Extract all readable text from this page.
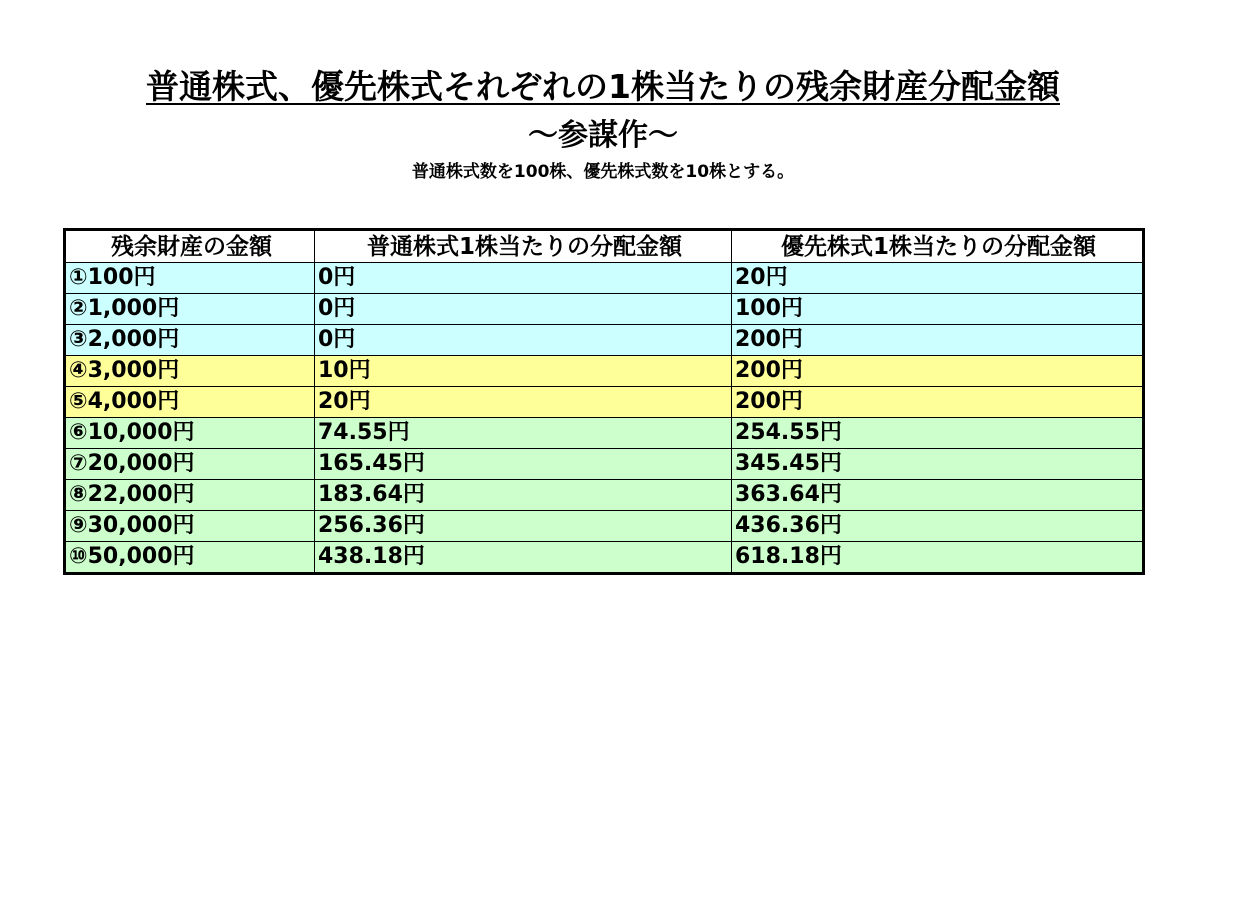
普通株式、優先株式それぞれの1株当たりの残余財産分配金額
～参謀作～
普通株式数を100株、優先株式数を10株とする。
残余財産の金額	普通株式1株当たりの分配金額	優先株式1株当たりの分配金額
①100円	0円	20円
②1,000円	0円	100円
③2,000円	0円	200円
④3,000円	10円	200円
⑤4,000円	20円	200円
⑥10,000円	74.55円	254.55円
⑦20,000円	165.45円	345.45円
⑧22,000円	183.64円	363.64円
⑨30,000円	256.36円	436.36円
⑩50,000円	438.18円	618.18円
